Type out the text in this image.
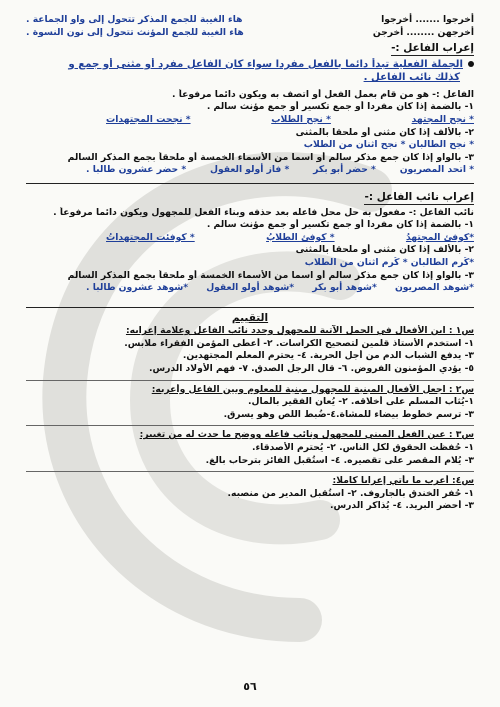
أخرجوا ....... أخرجوا
هاء الغيبة للجمع المذكر تتحول إلى واو الجماعة .
أخرجهن ........ أخرجن
هاء الغيبة للجمع المؤنث تتحول إلى نون النسوة .
إعراب الفاعل :-
الجملة الفعلية تبدأ دائما بالفعل مفردا سواء كان الفاعل مفرد أو مثنى أو جمع و
كذلك نائب الفاعل .
الفاعل :- هو من قام بعمل الفعل أو اتصف به ويكون دائما مرفوعاً .
١- بالضمة إذا كان مفردا أو جمع تكسير أو جمع مؤنث سالم .
* نجح المجتهد
* نجح الطلاب
* نجحت المجتهدات
٢- بالألف إذا كان مثنى أو ملحقا بالمثنى
* نجح الطالبان * نجح اثنان من الطلاب
٣- بالواو إذا كان جمع مذكر سالم أو اسما من الأسماء الخمسة أو ملحقاً بجمع المذكر السالم
* اتحد المصريون
* حضر أبو بكر
* فاز أولو العقول
* حضر عشرون طالبا .
إعراب نائب الفاعل :-
نائب الفاعل :- مفعول به حل محل فاعله بعد حذفه وبناء الفعل للمجهول ويكون دائما مرفوعاً .
١- بالضمة إذا كان مفردا أو جمع تكسير أو جمع مؤنث سالم .
*كوفئ المجتهدُ
* كوفئ الطلابُ
* كوفئت المجتهداتُ
٢- بالألف إذا كان مثنى أو ملحقا بالمثنى
*كُرم الطالبان * كُرم اثنان من الطلاب
٣- بالواو إذا كان جمع مذكر سالم أو اسما من الأسماء الخمسة أو ملحقاً بجمع المذكر السالم
*شوهد المصريون
*شوهد أبو بكر
*شوهد أولو العقول
*شوهد عشرون طالبا .
التقييم
س١ : ابن الأفعال في الجمل الآتية للمجهول وحدد نائب الفاعل وعلامة إعرابه:
١- استخدم الأستاذ قلمين لتصحيح الكراسات. ٢- أعطى المؤمن الفقراء ملابس.
٣- يدفع الشباب الدم من أجل الحرية. ٤- يحترم المعلم المجتهدين.
٥- يؤدي المؤمنون الفروض. ٦- قال الرجل الصدق. ٧- فهم الأولاد الدرس.
س٢ : اجعل الأفعال المبنية للمجهول مبنية للمعلوم وبين الفاعل وأعربه:
١-يُثاب المسلم على أخلاقه. ٢- يُعان الفقير بالمال.
٣- ترسم خطوط بيضاء للمشاة.٤-ضُبط اللص وهو يسرق.
س٣ : عين الفعل المبني للمجهول ونائب فاعله ووضح ما حدث له من تغيير:
١- حُفظت الحقوق لكل الناس. ٢- يُحترم الأصدقاء.
٣- يُلام المقصر على تقصيره. ٤- استُقبل الفائز بترحاب بالغ.
س٤: أعرب ما يأتي إعرابا كاملا:
١- حُفر الخندق بالجاروف. ٢- استُقبل المدير من منصبه.
٣- أحضر البريد. ٤- يُذاكر الدرس.
٥٦
